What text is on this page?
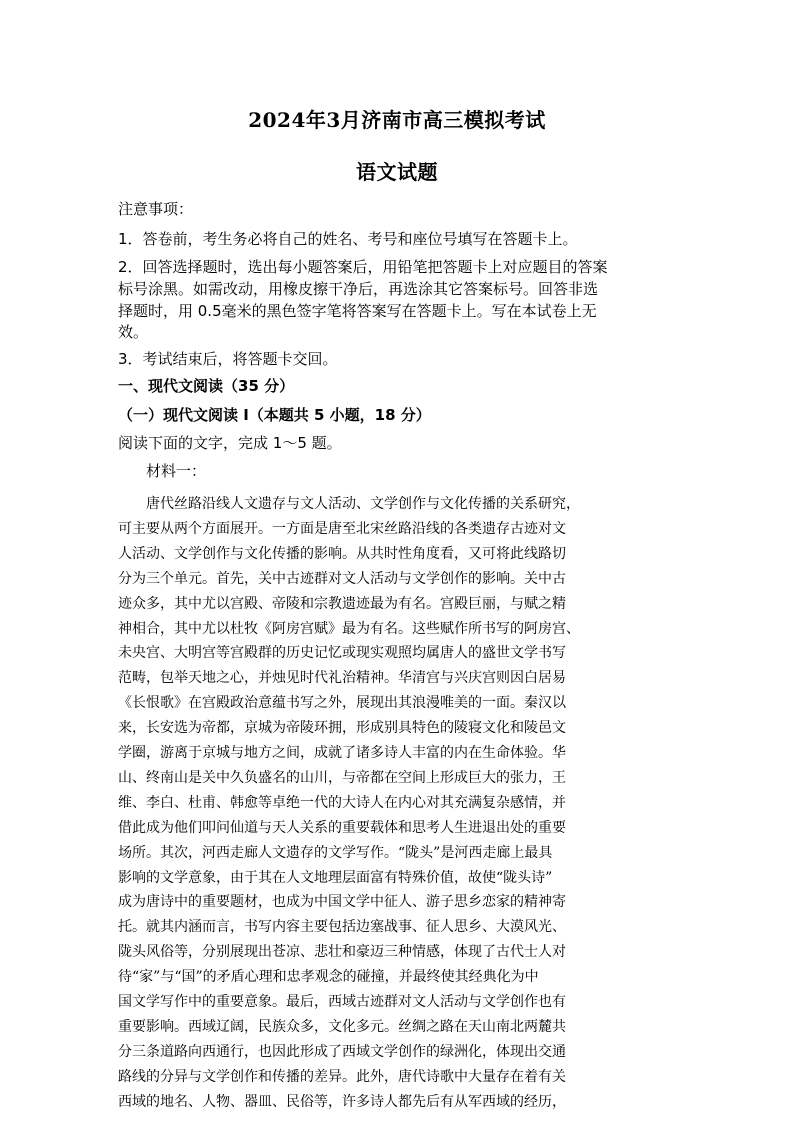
2024年3月济南市高三模拟考试
语文试题
注意事项：
1．答卷前，考生务必将自己的姓名、考号和座位号填写在答题卡上。
2．回答选择题时，选出每小题答案后，用铅笔把答题卡上对应题目的答案
标号涂黑。如需改动，用橡皮擦干净后，再选涂其它答案标号。回答非选
择题时，用 0.5毫米的黑色签字笔将答案写在答题卡上。写在本试卷上无
效。
3．考试结束后，将答题卡交回。
一、现代文阅读（35 分）
（一）现代文阅读 I（本题共 5 小题，18 分）
阅读下面的文字，完成 1～5 题。
材料一：
唐代丝路沿线人文遗存与文人活动、文学创作与文化传播的关系研究，
可主要从两个方面展开。一方面是唐至北宋丝路沿线的各类遗存古迹对文
人活动、文学创作与文化传播的影响。从共时性角度看，又可将此线路切
分为三个单元。首先，关中古迹群对文人活动与文学创作的影响。关中古
迹众多，其中尤以宫殿、帝陵和宗教遗迹最为有名。宫殿巨丽，与赋之精
神相合，其中尤以杜牧《阿房宫赋》最为有名。这些赋作所书写的阿房宫、
未央宫、大明宫等宫殿群的历史记忆或现实观照均属唐人的盛世文学书写
范畴，包举天地之心，并烛见时代礼治精神。华清宫与兴庆宫则因白居易
《长恨歌》在宫殿政治意蕴书写之外，展现出其浪漫唯美的一面。秦汉以
来，长安选为帝都，京城为帝陵环拥，形成别具特色的陵寝文化和陵邑文
学圈，游离于京城与地方之间，成就了诸多诗人丰富的内在生命体验。华
山、终南山是关中久负盛名的山川，与帝都在空间上形成巨大的张力，王
维、李白、杜甫、韩愈等卓绝一代的大诗人在内心对其充满复杂感情，并
借此成为他们叩问仙道与天人关系的重要载体和思考人生进退出处的重要
场所。其次，河西走廊人文遗存的文学写作。“陇头”是河西走廊上最具
影响的文学意象，由于其在人文地理层面富有特殊价值，故使“陇头诗”
成为唐诗中的重要题材，也成为中国文学中征人、游子思乡恋家的精神寄
托。就其内涵而言，书写内容主要包括边塞战事、征人思乡、大漠风光、
陇头风俗等，分别展现出苍凉、悲壮和豪迈三种情感，体现了古代士人对
待“家”与“国”的矛盾心理和忠孝观念的碰撞，并最终使其经典化为中
国文学写作中的重要意象。最后，西域古迹群对文人活动与文学创作也有
重要影响。西域辽阔，民族众多，文化多元。丝绸之路在天山南北两麓共
分三条道路向西通行，也因此形成了西域文学创作的绿洲化，体现出交通
路线的分异与文学创作和传播的差异。此外，唐代诗歌中大量存在着有关
西域的地名、人物、器皿、民俗等，许多诗人都先后有从军西域的经历，
